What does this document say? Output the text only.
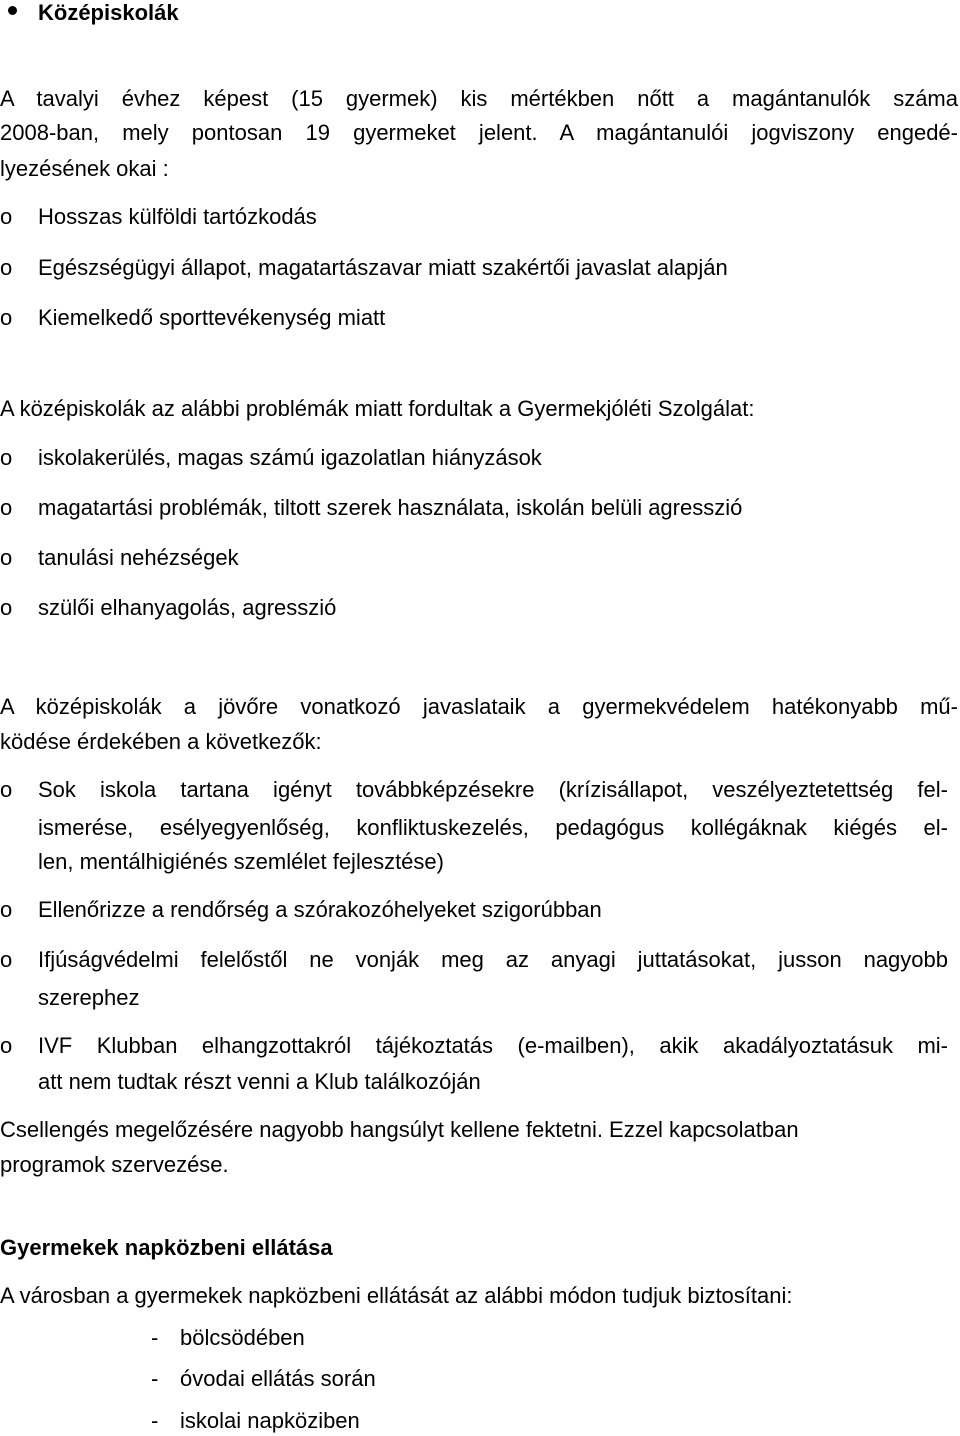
Középiskolák
A tavalyi évhez képest (15 gyermek) kis mértékben nőtt a magántanulók száma
2008-ban, mely pontosan 19 gyermeket jelent. A magántanulói jogviszony engedé-
lyezésének okai :
o Hosszas külföldi tartózkodás
o Egészségügyi állapot, magatartászavar miatt szakértői javaslat alapján
o Kiemelkedő sporttevékenység miatt
A középiskolák az alábbi problémák miatt fordultak a Gyermekjóléti Szolgálat:
o iskolakerülés, magas számú igazolatlan hiányzások
o magatartási problémák, tiltott szerek használata, iskolán belüli agresszió
o tanulási nehézségek
o szülői elhanyagolás, agresszió
A középiskolák a jövőre vonatkozó javaslataik a gyermekvédelem hatékonyabb mű-
ködése érdekében a következők:
o Sok iskola tartana igényt továbbképzésekre (krízisállapot, veszélyeztetettség fel-
ismerése, esélyegyenlőség, konfliktuskezelés, pedagógus kollégáknak kiégés el-
len, mentálhigiénés szemlélet fejlesztése)
o Ellenőrizze a rendőrség a szórakozóhelyeket szigorúbban
o Ifjúságvédelmi felelőstől ne vonják meg az anyagi juttatásokat, jusson nagyobb
szerephez
o IVF Klubban elhangzottakról tájékoztatás (e-mailben), akik akadályoztatásuk mi-
att nem tudtak részt venni a Klub találkozóján
Csellengés megelőzésére nagyobb hangsúlyt kellene fektetni. Ezzel kapcsolatban
programok szervezése.
Gyermekek napközbeni ellátása
A városban a gyermekek napközbeni ellátását az alábbi módon tudjuk biztosítani:
- bölcsödében
- óvodai ellátás során
- iskolai napköziben
